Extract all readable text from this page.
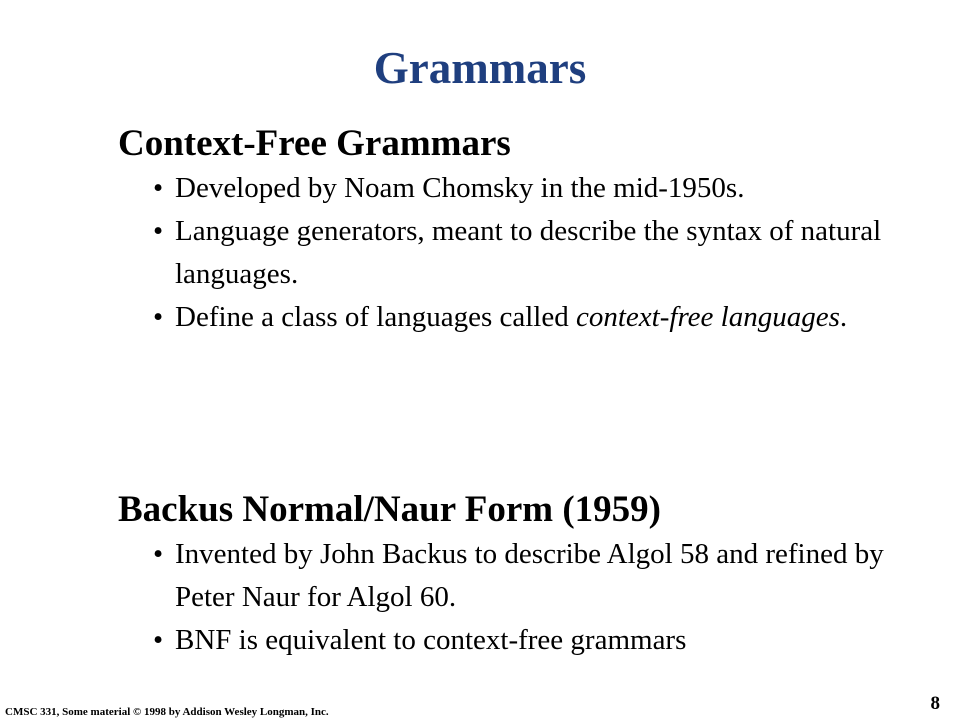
Grammars
Context-Free Grammars
• Developed by Noam Chomsky in the mid-1950s.
• Language generators, meant to describe the syntax of natural languages.
• Define a class of languages called context-free languages.
Backus Normal/Naur Form (1959)
• Invented by John Backus to describe Algol 58 and refined by Peter Naur for Algol 60.
• BNF is equivalent to context-free grammars
CMSC 331, Some material © 1998 by Addison Wesley Longman, Inc.	8
